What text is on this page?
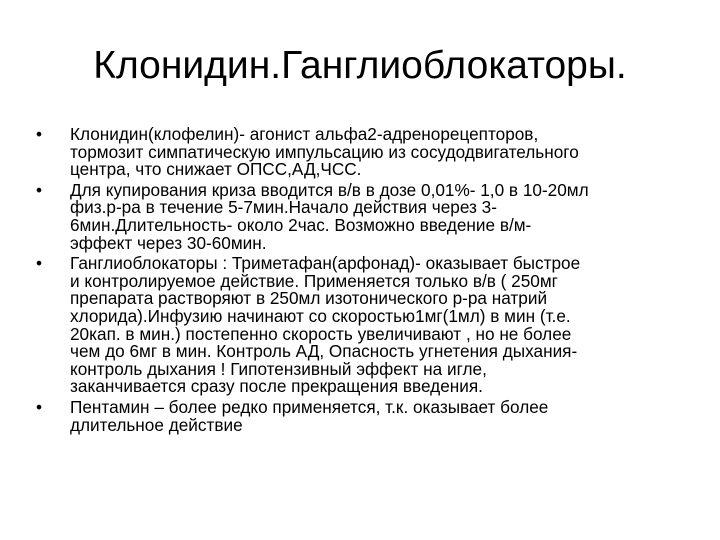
Клонидин.Ганглиоблокаторы.
•	Клонидин(клофелин)- агонист альфа2-адренорецепторов,
тормозит симпатическую импульсацию из сосудодвигательного
центра, что снижает ОПСС,АД,ЧСС.
•	Для купирования криза вводится в/в в дозе 0,01%- 1,0 в 10-20мл
физ.р-ра в течение 5-7мин.Начало действия через 3-
6мин.Длительность- около 2час. Возможно введение в/м-
эффект через 30-60мин.
•	Ганглиоблокаторы : Триметафан(арфонад)- оказывает быстрое
и контролируемое действие. Применяется только в/в ( 250мг
препарата растворяют в 250мл изотонического р-ра натрий
хлорида).Инфузию начинают со скоростью1мг(1мл) в мин (т.е.
20кап. в мин.) постепенно скорость увеличивают , но не более
чем до 6мг в мин. Контроль АД, Опасность угнетения дыхания-
контроль дыхания ! Гипотензивный эффект на игле,
заканчивается сразу после прекращения введения.
•	Пентамин – более редко применяется, т.к. оказывает более
длительное действие
